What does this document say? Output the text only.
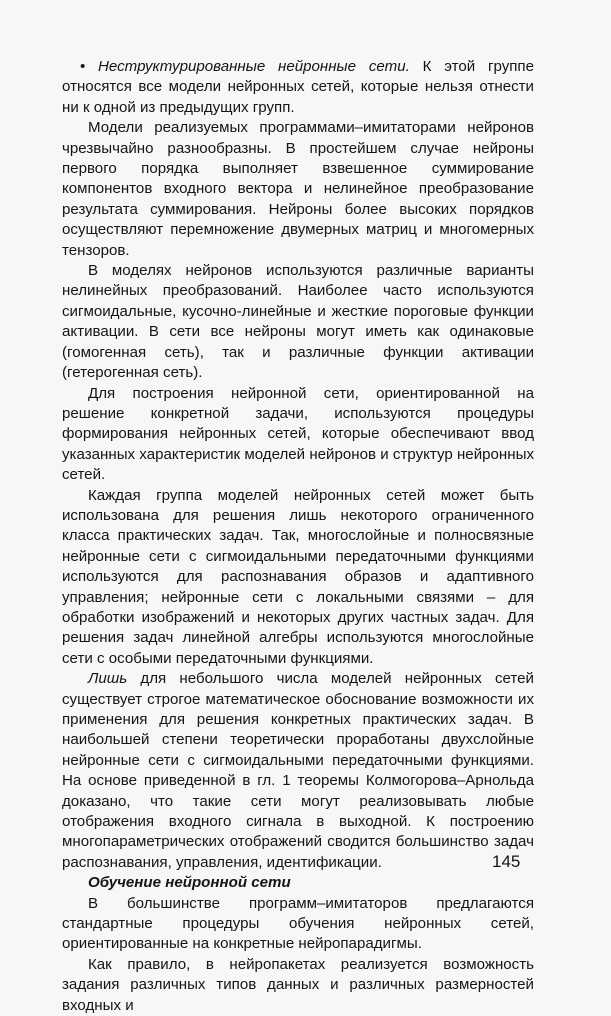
• Неструктурированные нейронные сети. К этой группе относятся все модели нейронных сетей, которые нельзя отнести ни к одной из предыдущих групп.

Модели реализуемых программами–имитаторами нейронов чрезвычайно разнообразны. В простейшем случае нейроны первого порядка выполняет взвешенное суммирование компонентов входного вектора и нелинейное преобразование результата суммирования. Нейроны более высоких порядков осуществляют перемножение двумерных матриц и многомерных тензоров.

В моделях нейронов используются различные варианты нелинейных преобразований. Наиболее часто используются сигмоидальные, кусочно-линейные и жесткие пороговые функции активации. В сети все нейроны могут иметь как одинаковые (гомогенная сеть), так и различные функции активации (гетерогенная сеть).

Для построения нейронной сети, ориентированной на решение конкретной задачи, используются процедуры формирования нейронных сетей, которые обеспечивают ввод указанных характеристик моделей нейронов и структур нейронных сетей.

Каждая группа моделей нейронных сетей может быть использована для решения лишь некоторого ограниченного класса практических задач. Так, многослойные и полносвязные нейронные сети с сигмоидальными передаточными функциями используются для распознавания образов и адаптивного управления; нейронные сети с локальными связями – для обработки изображений и некоторых других частных задач. Для решения задач линейной алгебры используются многослойные сети с особыми передаточными функциями.

Лишь для небольшого числа моделей нейронных сетей существует строгое математическое обоснование возможности их применения для решения конкретных практических задач. В наибольшей степени теоретически проработаны двухслойные нейронные сети с сигмоидальными передаточными функциями. На основе приведенной в гл. 1 теоремы Колмогорова–Арнольда доказано, что такие сети могут реализовывать любые отображения входного сигнала в выходной. К построению многопараметрических отображений сводится большинство задач распознавания, управления, идентификации.

Обучение нейронной сети

В большинстве программ–имитаторов предлагаются стандартные процедуры обучения нейронных сетей, ориентированные на конкретные нейропарадигмы.

Как правило, в нейропакетах реализуется возможность задания различных типов данных и различных размерностей входных и

145
